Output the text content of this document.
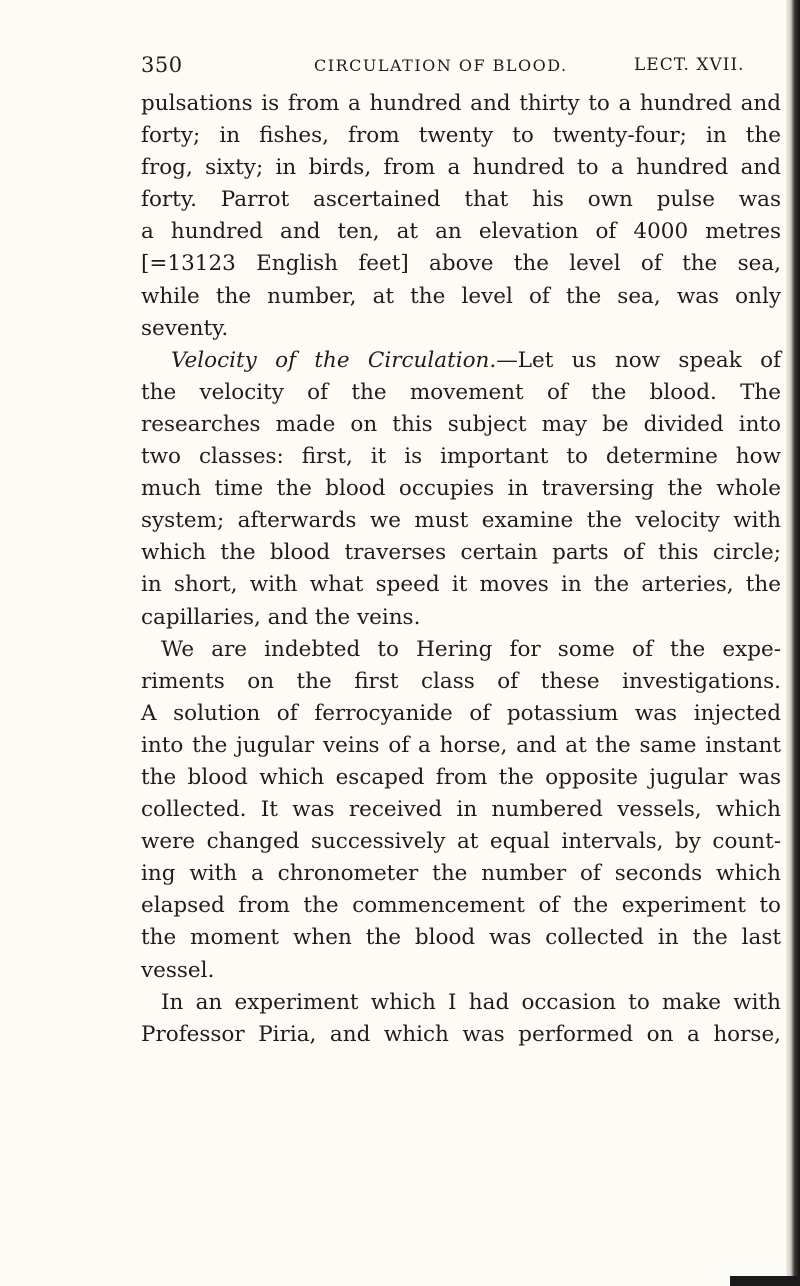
350	CIRCULATION OF BLOOD.	LECT. XVII.
pulsations is from a hundred and thirty to a hundred and
forty; in fishes, from twenty to twenty-four; in the
frog, sixty; in birds, from a hundred to a hundred and
forty. Parrot ascertained that his own pulse was
a hundred and ten, at an elevation of 4000 metres
[=13123 English feet] above the level of the sea,
while the number, at the level of the sea, was only
seventy.
Velocity of the Circulation.—Let us now speak of
the velocity of the movement of the blood. The
researches made on this subject may be divided into
two classes: first, it is important to determine how
much time the blood occupies in traversing the whole
system; afterwards we must examine the velocity with
which the blood traverses certain parts of this circle;
in short, with what speed it moves in the arteries, the
capillaries, and the veins.
We are indebted to Hering for some of the expe-
riments on the first class of these investigations.
A solution of ferrocyanide of potassium was injected
into the jugular veins of a horse, and at the same instant
the blood which escaped from the opposite jugular was
collected. It was received in numbered vessels, which
were changed successively at equal intervals, by count-
ing with a chronometer the number of seconds which
elapsed from the commencement of the experiment to
the moment when the blood was collected in the last
vessel.
In an experiment which I had occasion to make with
Professor Piria, and which was performed on a horse,
